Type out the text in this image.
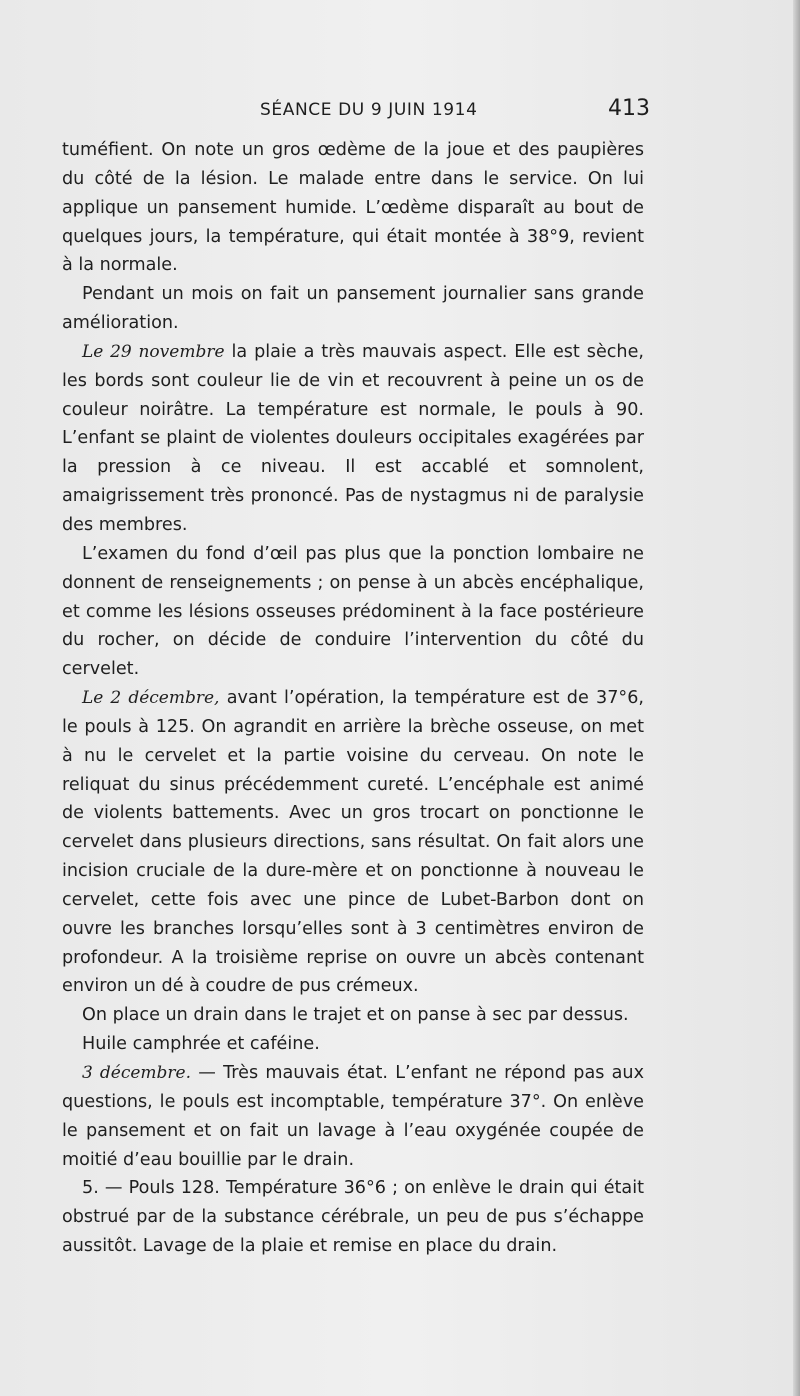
SÉANCE DU 9 JUIN 1914	413

tuméfient. On note un gros œdème de la joue et des paupières du côté de la lésion. Le malade entre dans le service. On lui applique un pansement humide. L’œdème disparaît au bout de quelques jours, la température, qui était montée à 38°9, revient à la normale.

Pendant un mois on fait un pansement journalier sans grande amélioration.

Le 29 novembre la plaie a très mauvais aspect. Elle est sèche, les bords sont couleur lie de vin et recouvrent à peine un os de couleur noirâtre. La température est normale, le pouls à 90. L’enfant se plaint de violentes douleurs occipitales exagérées par la pression à ce niveau. Il est accablé et somnolent, amaigrissement très prononcé. Pas de nystagmus ni de paralysie des membres.

L’examen du fond d’œil pas plus que la ponction lombaire ne donnent de renseignements ; on pense à un abcès encéphalique, et comme les lésions osseuses prédominent à la face postérieure du rocher, on décide de conduire l’intervention du côté du cervelet.

Le 2 décembre, avant l’opération, la température est de 37°6, le pouls à 125. On agrandit en arrière la brèche osseuse, on met à nu le cervelet et la partie voisine du cerveau. On note le reliquat du sinus précédemment cureté. L’encéphale est animé de violents battements. Avec un gros trocart on ponctionne le cervelet dans plusieurs directions, sans résultat. On fait alors une incision cruciale de la dure-mère et on ponctionne à nouveau le cervelet, cette fois avec une pince de Lubet-Barbon dont on ouvre les branches lorsqu’elles sont à 3 centimètres environ de profondeur. A la troisième reprise on ouvre un abcès contenant environ un dé à coudre de pus crémeux.

On place un drain dans le trajet et on panse à sec par dessus.

Huile camphrée et caféine.

3 décembre. — Très mauvais état. L’enfant ne répond pas aux questions, le pouls est incomptable, température 37°. On enlève le pansement et on fait un lavage à l’eau oxygénée coupée de moitié d’eau bouillie par le drain.

5. — Pouls 128. Température 36°6 ; on enlève le drain qui était obstrué par de la substance cérébrale, un peu de pus s’échappe aussitôt. Lavage de la plaie et remise en place du drain.
